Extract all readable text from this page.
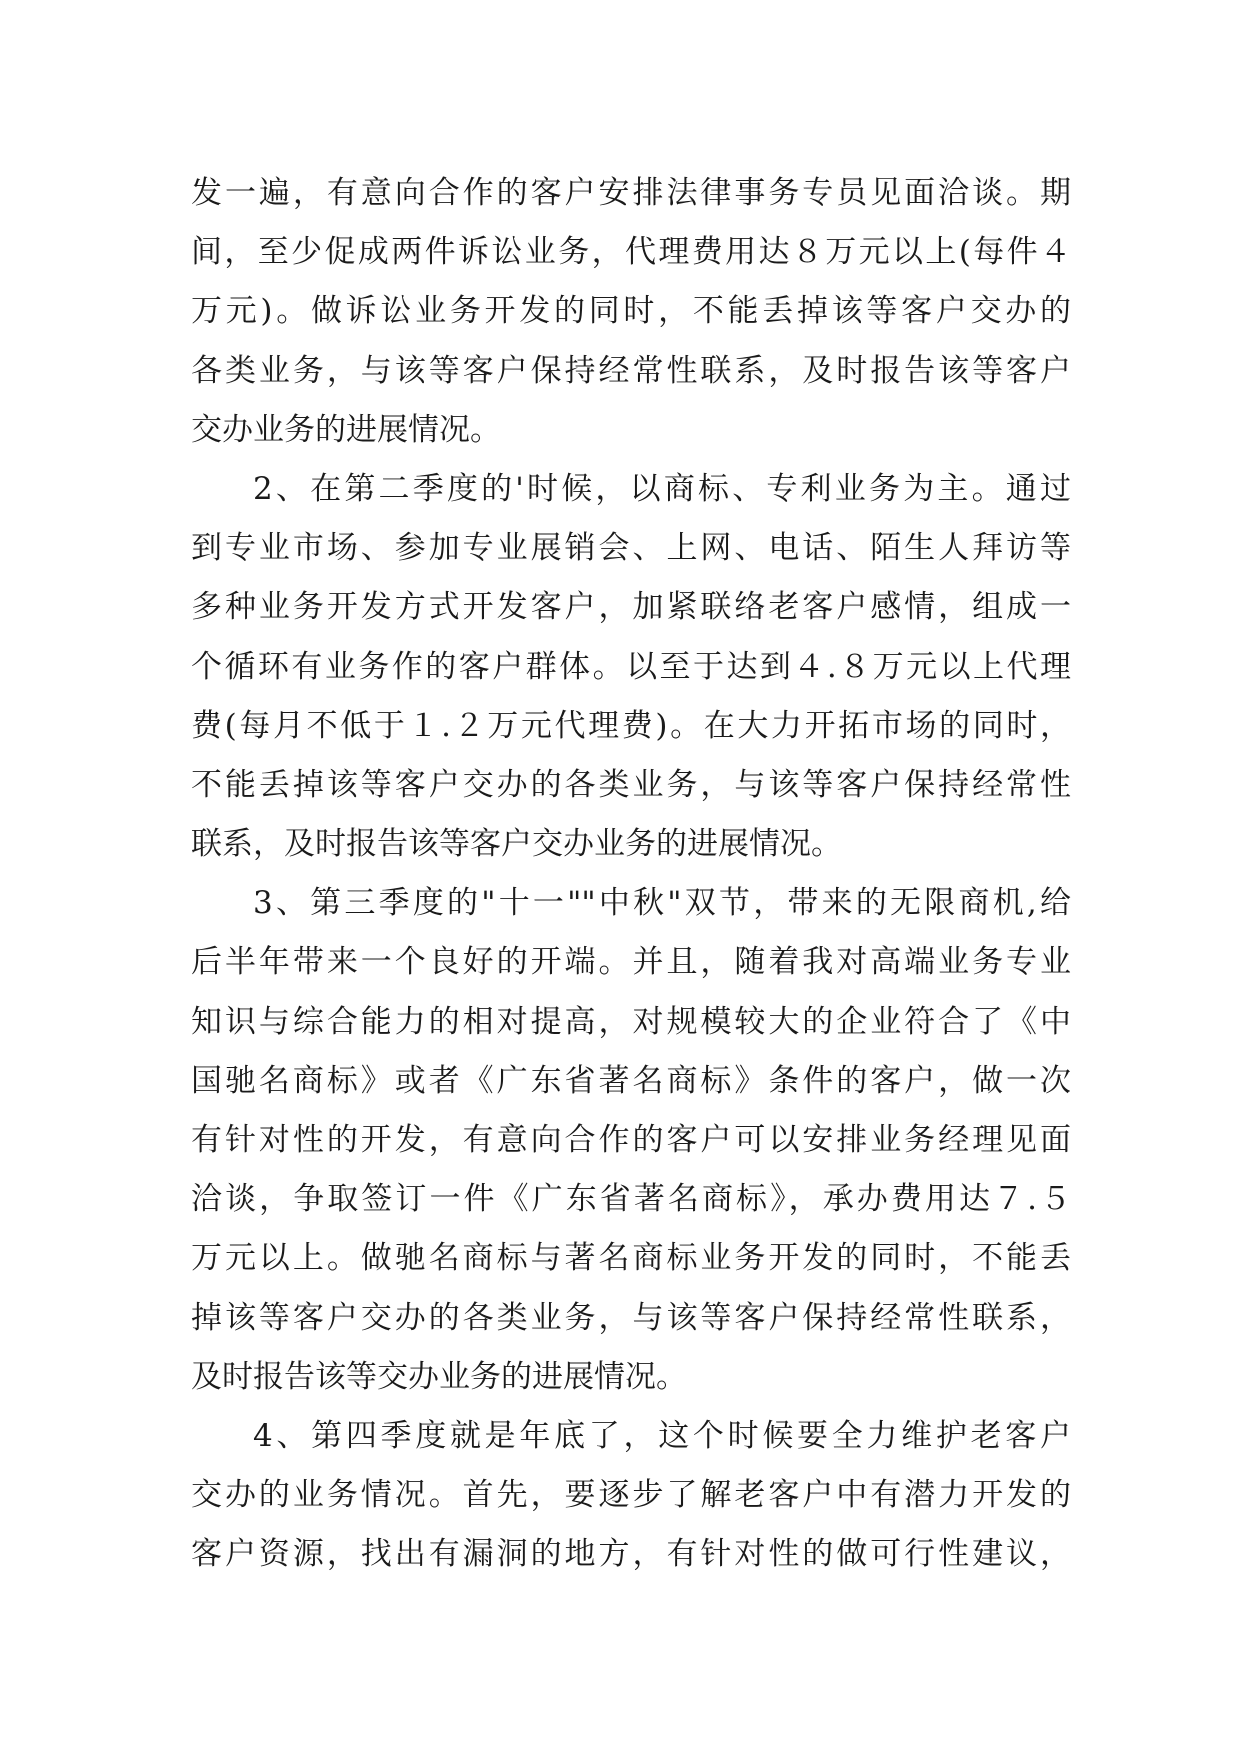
发一遍，有意向合作的客户安排法律事务专员见面洽谈。期
间，至少促成两件诉讼业务，代理费用达８万元以上(每件４
万元)。做诉讼业务开发的同时，不能丢掉该等客户交办的
各类业务，与该等客户保持经常性联系，及时报告该等客户
交办业务的进展情况。
2、在第二季度的'时候，以商标、专利业务为主。通过
到专业市场、参加专业展销会、上网、电话、陌生人拜访等
多种业务开发方式开发客户，加紧联络老客户感情，组成一
个循环有业务作的客户群体。以至于达到４.８万元以上代理
费(每月不低于１.２万元代理费)。在大力开拓市场的同时，
不能丢掉该等客户交办的各类业务，与该等客户保持经常性
联系，及时报告该等客户交办业务的进展情况。
3、第三季度的"十一""中秋"双节，带来的无限商机,给
后半年带来一个良好的开端。并且，随着我对高端业务专业
知识与综合能力的相对提高，对规模较大的企业符合了《中
国驰名商标》或者《广东省著名商标》条件的客户，做一次
有针对性的开发，有意向合作的客户可以安排业务经理见面
洽谈，争取签订一件《广东省著名商标》，承办费用达７.５
万元以上。做驰名商标与著名商标业务开发的同时，不能丢
掉该等客户交办的各类业务，与该等客户保持经常性联系，
及时报告该等交办业务的进展情况。
4、第四季度就是年底了，这个时候要全力维护老客户
交办的业务情况。首先，要逐步了解老客户中有潜力开发的
客户资源，找出有漏洞的地方，有针对性的做可行性建议，
